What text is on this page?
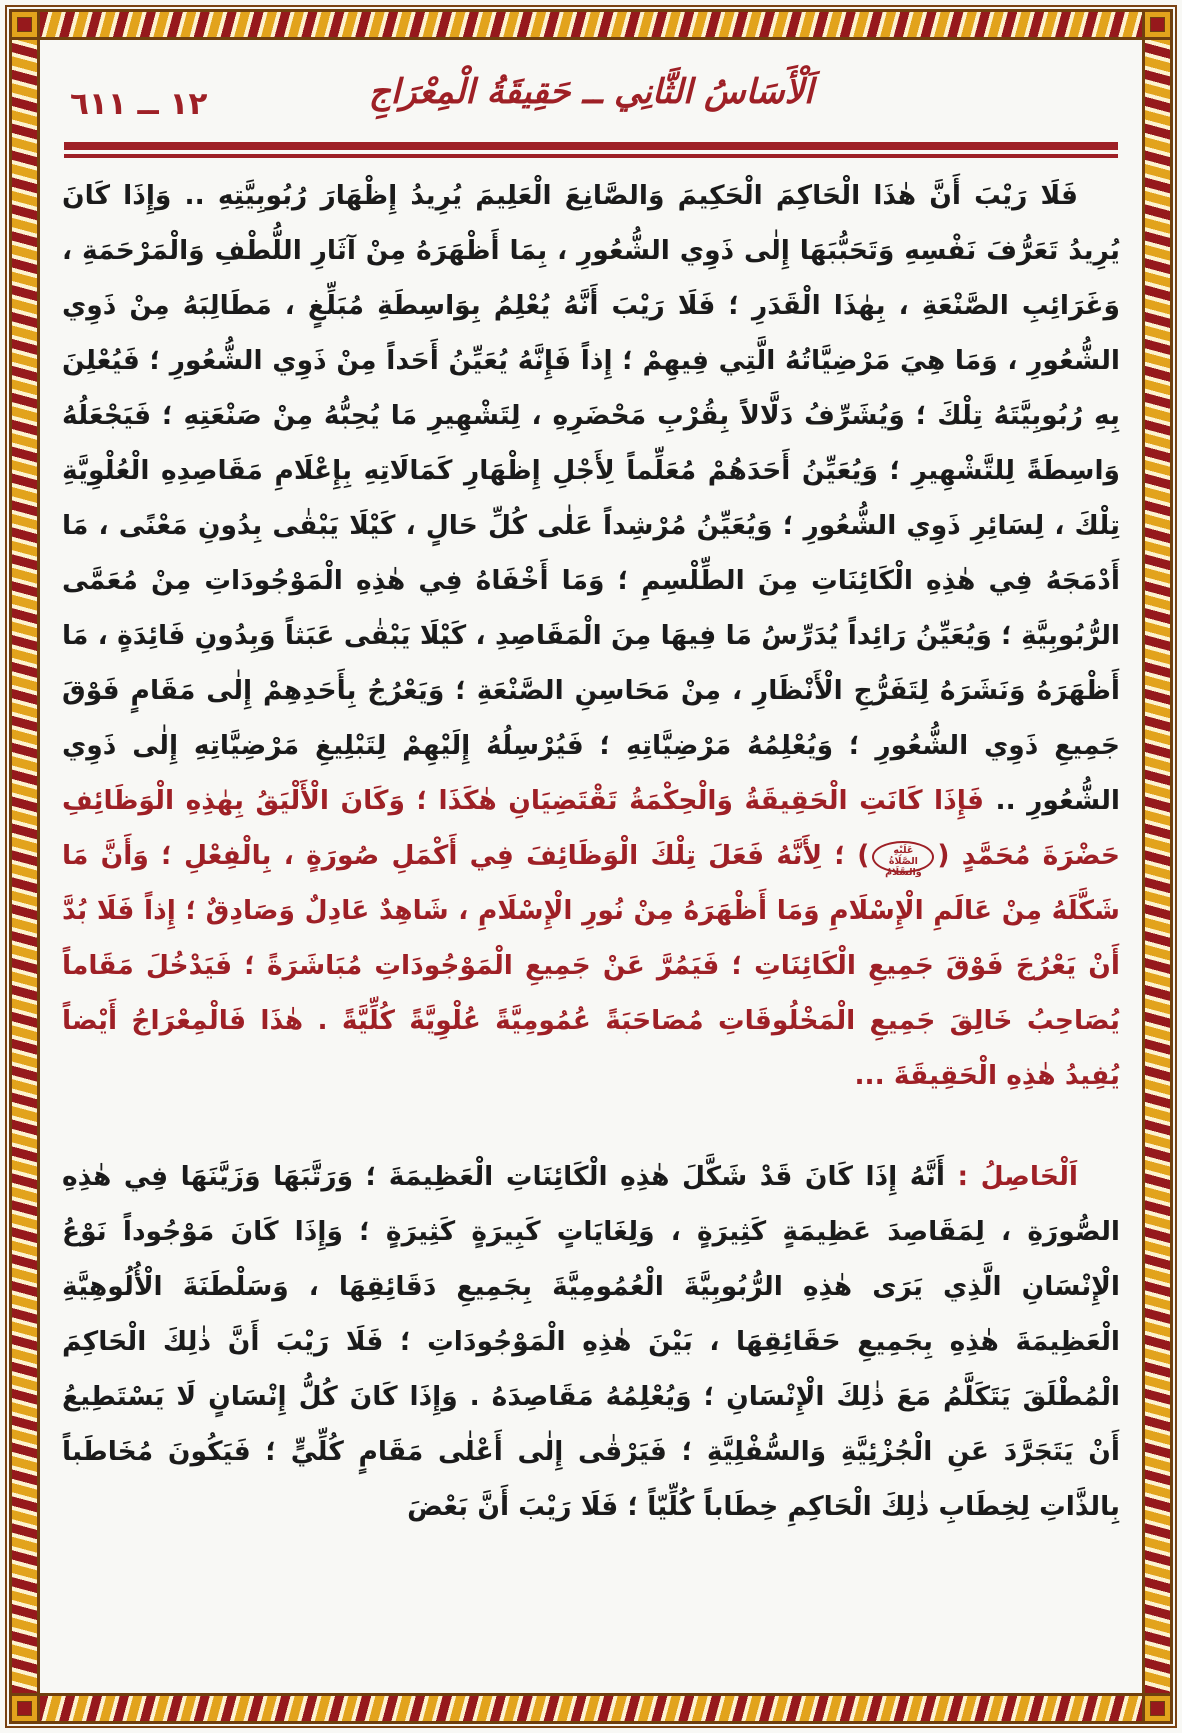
١٢ ــ ٦١١	اَلْأَسَاسُ الثَّانِي ــ حَقِيقَةُ الْمِعْرَاجِ

فَلَا رَيْبَ أَنَّ هٰذَا الْحَاكِمَ الْحَكِيمَ وَالصَّانِعَ الْعَلِيمَ يُرِيدُ إِظْهَارَ رُبُوبِيَّتِهِ .. وَإِذَا كَانَ يُرِيدُ تَعَرُّفَ نَفْسِهِ وَتَحَبُّبَهَا إِلٰى ذَوِي الشُّعُورِ ، بِمَا أَظْهَرَهُ مِنْ آثَارِ اللُّطْفِ وَالْمَرْحَمَةِ ، وَغَرَائِبِ الصَّنْعَةِ ، بِهٰذَا الْقَدَرِ ؛ فَلَا رَيْبَ أَنَّهُ يُعْلِمُ بِوَاسِطَةِ مُبَلِّغٍ ، مَطَالِبَهُ مِنْ ذَوِي الشُّعُورِ ، وَمَا هِيَ مَرْضِيَّاتُهُ الَّتِي فِيهِمْ ؛ إِذاً فَإِنَّهُ يُعَيِّنُ أَحَداً مِنْ ذَوِي الشُّعُورِ ؛ فَيُعْلِنَ بِهِ رُبُوبِيَّتَهُ تِلْكَ ؛ وَيُشَرِّفُ دَلَّالاً بِقُرْبِ مَحْضَرِهِ ، لِتَشْهِيرِ مَا يُحِبُّهُ مِنْ صَنْعَتِهِ ؛ فَيَجْعَلُهُ وَاسِطَةً لِلتَّشْهِيرِ ؛ وَيُعَيِّنُ أَحَدَهُمْ مُعَلِّماً لِأَجْلِ إِظْهَارِ كَمَالَاتِهِ بِإِعْلَامِ مَقَاصِدِهِ الْعُلْوِيَّةِ تِلْكَ ، لِسَائِرِ ذَوِي الشُّعُورِ ؛ وَيُعَيِّنُ مُرْشِداً عَلٰى كُلِّ حَالٍ ، كَيْلَا يَبْقٰى بِدُونِ مَعْنًى ، مَا أَدْمَجَهُ فِي هٰذِهِ الْكَائِنَاتِ مِنَ الطِّلْسِمِ ؛ وَمَا أَخْفَاهُ فِي هٰذِهِ الْمَوْجُودَاتِ مِنْ مُعَمَّى الرُّبُوبِيَّةِ ؛ وَيُعَيِّنُ رَائِداً يُدَرِّسُ مَا فِيهَا مِنَ الْمَقَاصِدِ ، كَيْلَا يَبْقٰى عَبَثاً وَبِدُونِ فَائِدَةٍ ، مَا أَظْهَرَهُ وَنَشَرَهُ لِتَفَرُّجِ الْأَنْظَارِ ، مِنْ مَحَاسِنِ الصَّنْعَةِ ؛ وَيَعْرُجُ بِأَحَدِهِمْ إِلٰى مَقَامٍ فَوْقَ جَمِيعِ ذَوِي الشُّعُورِ ؛ وَيُعْلِمُهُ مَرْضِيَّاتِهِ ؛ فَيُرْسِلُهُ إِلَيْهِمْ لِتَبْلِيغِ مَرْضِيَّاتِهِ إِلٰى ذَوِي الشُّعُورِ .. فَإِذَا كَانَتِ الْحَقِيقَةُ وَالْحِكْمَةُ تَقْتَضِيَانِ هٰكَذَا ؛ وَكَانَ الْأَلْيَقُ بِهٰذِهِ الْوَظَائِفِ حَضْرَةَ مُحَمَّدٍ (عَلَيْهِ الصَّلَاةُ وَالسَّلَامُ) ؛ لِأَنَّهُ فَعَلَ تِلْكَ الْوَظَائِفَ فِي أَكْمَلِ صُورَةٍ ، بِالْفِعْلِ ؛ وَأَنَّ مَا شَكَّلَهُ مِنْ عَالَمِ الْإِسْلَامِ وَمَا أَظْهَرَهُ مِنْ نُورِ الْإِسْلَامِ ، شَاهِدٌ عَادِلٌ وَصَادِقٌ ؛ إِذاً فَلَا بُدَّ أَنْ يَعْرُجَ فَوْقَ جَمِيعِ الْكَائِنَاتِ ؛ فَيَمُرَّ عَنْ جَمِيعِ الْمَوْجُودَاتِ مُبَاشَرَةً ؛ فَيَدْخُلَ مَقَاماً يُصَاحِبُ خَالِقَ جَمِيعِ الْمَخْلُوقَاتِ مُصَاحَبَةً عُمُومِيَّةً عُلْوِيَّةً كُلِّيَّةً . هٰذَا فَالْمِعْرَاجُ أَيْضاً يُفِيدُ هٰذِهِ الْحَقِيقَةَ ...

اَلْحَاصِلُ : أَنَّهُ إِذَا كَانَ قَدْ شَكَّلَ هٰذِهِ الْكَائِنَاتِ الْعَظِيمَةَ ؛ وَرَتَّبَهَا وَزَيَّنَهَا فِي هٰذِهِ الصُّورَةِ ، لِمَقَاصِدَ عَظِيمَةٍ كَثِيرَةٍ ، وَلِغَايَاتٍ كَبِيرَةٍ كَثِيرَةٍ ؛ وَإِذَا كَانَ مَوْجُوداً نَوْعُ الْإِنْسَانِ الَّذِي يَرَى هٰذِهِ الرُّبُوبِيَّةَ الْعُمُومِيَّةَ بِجَمِيعِ دَقَائِقِهَا ، وَسَلْطَنَةَ الْأُلُوهِيَّةِ الْعَظِيمَةَ هٰذِهِ بِجَمِيعِ حَقَائِقِهَا ، بَيْنَ هٰذِهِ الْمَوْجُودَاتِ ؛ فَلَا رَيْبَ أَنَّ ذٰلِكَ الْحَاكِمَ الْمُطْلَقَ يَتَكَلَّمُ مَعَ ذٰلِكَ الْإِنْسَانِ ؛ وَيُعْلِمُهُ مَقَاصِدَهُ . وَإِذَا كَانَ كُلُّ إِنْسَانٍ لَا يَسْتَطِيعُ أَنْ يَتَجَرَّدَ عَنِ الْجُزْئِيَّةِ وَالسُّفْلِيَّةِ ؛ فَيَرْقٰى إِلٰى أَعْلٰى مَقَامٍ كُلِّيٍّ ؛ فَيَكُونَ مُخَاطَباً بِالذَّاتِ لِخِطَابِ ذٰلِكَ الْحَاكِمِ خِطَاباً كُلِّيّاً ؛ فَلَا رَيْبَ أَنَّ بَعْضَ
